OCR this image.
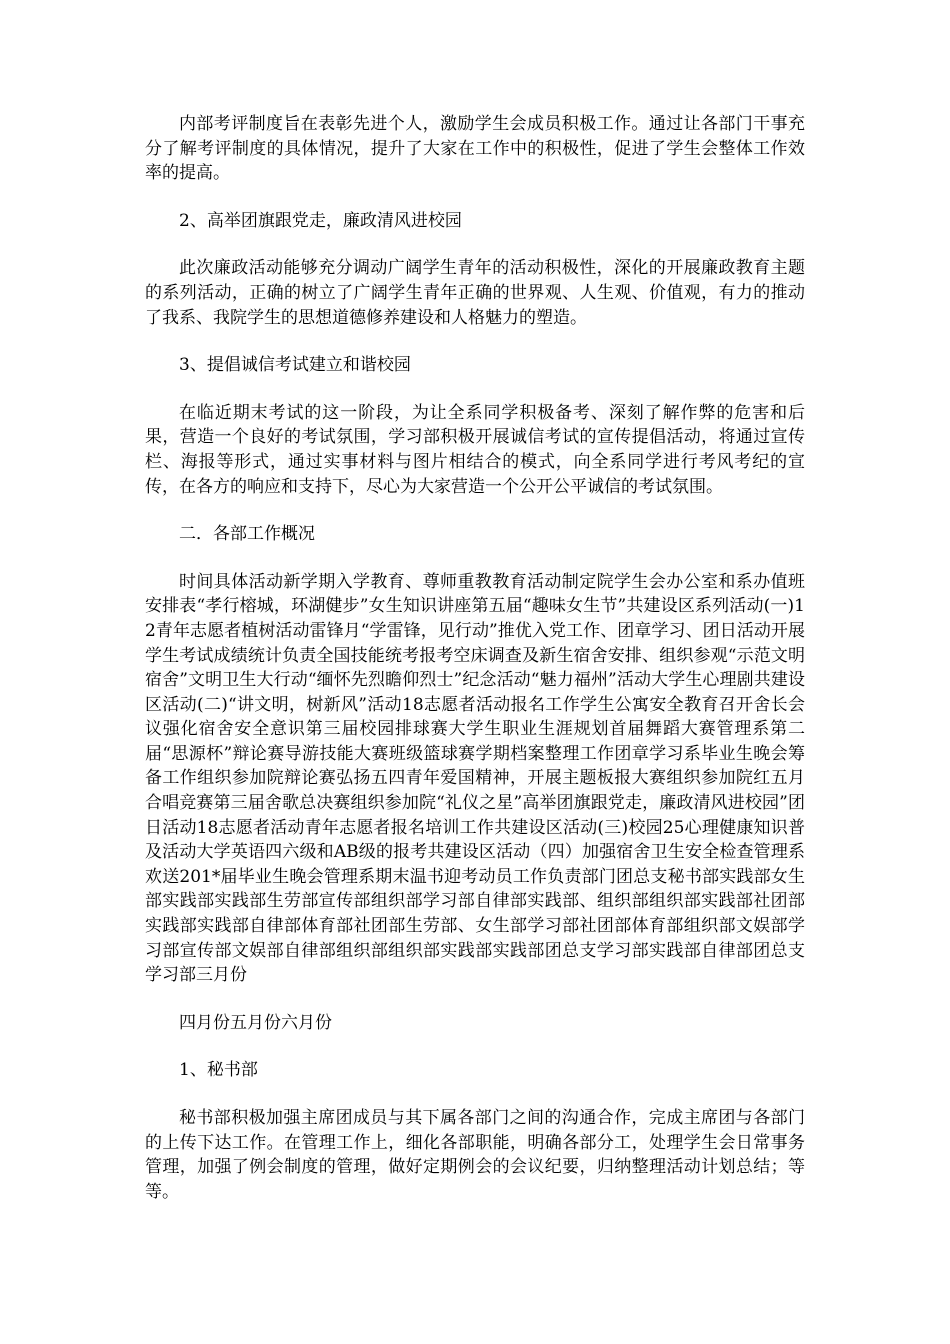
内部考评制度旨在表彰先进个人，激励学生会成员积极工作。通过让各部门干事充分了解考评制度的具体情况，提升了大家在工作中的积极性，促进了学生会整体工作效率的提高。

2、高举团旗跟党走，廉政清风进校园

此次廉政活动能够充分调动广阔学生青年的活动积极性，深化的开展廉政教育主题的系列活动，正确的树立了广阔学生青年正确的世界观、人生观、价值观，有力的推动了我系、我院学生的思想道德修养建设和人格魅力的塑造。

3、提倡诚信考试建立和谐校园

在临近期末考试的这一阶段，为让全系同学积极备考、深刻了解作弊的危害和后果，营造一个良好的考试氛围，学习部积极开展诚信考试的宣传提倡活动，将通过宣传栏、海报等形式，通过实事材料与图片相结合的模式，向全系同学进行考风考纪的宣传，在各方的响应和支持下，尽心为大家营造一个公开公平诚信的考试氛围。

二．各部工作概况

时间具体活动新学期入学教育、尊师重教教育活动制定院学生会办公室和系办值班安排表“孝行榕城，环湖健步”女生知识讲座第五届“趣味女生节”共建设区系列活动(一)12青年志愿者植树活动雷锋月“学雷锋，见行动”推优入党工作、团章学习、团日活动开展学生考试成绩统计负责全国技能统考报考空床调查及新生宿舍安排、组织参观“示范文明宿舍”文明卫生大行动“缅怀先烈瞻仰烈士”纪念活动“魅力福州”活动大学生心理剧共建设区活动(二)“讲文明，树新风”活动18志愿者活动报名工作学生公寓安全教育召开舍长会议强化宿舍安全意识第三届校园排球赛大学生职业生涯规划首届舞蹈大赛管理系第二届“思源杯”辩论赛导游技能大赛班级篮球赛学期档案整理工作团章学习系毕业生晚会筹备工作组织参加院辩论赛弘扬五四青年爱国精神，开展主题板报大赛组织参加院红五月合唱竞赛第三届舍歌总决赛组织参加院“礼仪之星”高举团旗跟党走，廉政清风进校园”团日活动18志愿者活动青年志愿者报名培训工作共建设区活动(三)校园25心理健康知识普及活动大学英语四六级和AB级的报考共建设区活动（四）加强宿舍卫生安全检查管理系欢送201*届毕业生晚会管理系期末温书迎考动员工作负责部门团总支秘书部实践部女生部实践部实践部生劳部宣传部组织部学习部自律部实践部、组织部组织部实践部社团部实践部实践部自律部体育部社团部生劳部、女生部学习部社团部体育部组织部文娱部学习部宣传部文娱部自律部组织部组织部实践部实践部团总支学习部实践部自律部团总支学习部三月份

四月份五月份六月份

1、秘书部

秘书部积极加强主席团成员与其下属各部门之间的沟通合作，完成主席团与各部门的上传下达工作。在管理工作上，细化各部职能，明确各部分工，处理学生会日常事务管理，加强了例会制度的管理，做好定期例会的会议纪要，归纳整理活动计划总结；等等。
